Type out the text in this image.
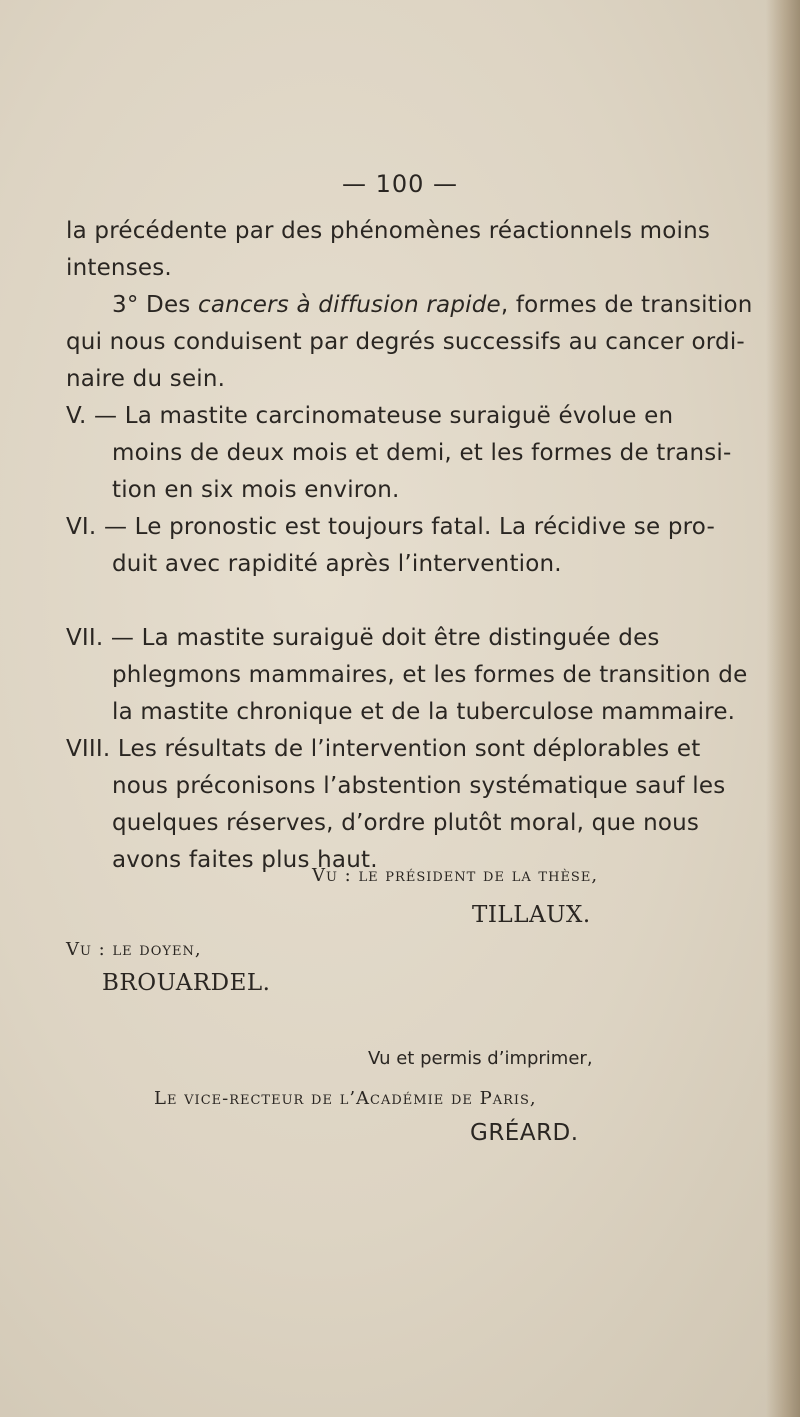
— 100 —
la précédente par des phénomènes réactionnels moins
intenses.
3° Des cancers à diffusion rapide, formes de transition
qui nous conduisent par degrés successifs au cancer ordi-
naire du sein.
V. — La mastite carcinomateuse suraiguë évolue en
moins de deux mois et demi, et les formes de transi-
tion en six mois environ.
VI. — Le pronostic est toujours fatal. La récidive se pro-
duit avec rapidité après l’intervention.
VII. — La mastite suraiguë doit être distinguée des
phlegmons mammaires, et les formes de transition de
la mastite chronique et de la tuberculose mammaire.
VIII. Les résultats de l’intervention sont déplorables et
nous préconisons l’abstention systématique sauf les
quelques réserves, d’ordre plutôt moral, que nous
avons faites plus haut.
Vu : le président de la thèse,
TILLAUX.
Vu : le doyen,
BROUARDEL.
Vu et permis d’imprimer,
Le vice-recteur de l’Académie de Paris,
GRÉARD.
